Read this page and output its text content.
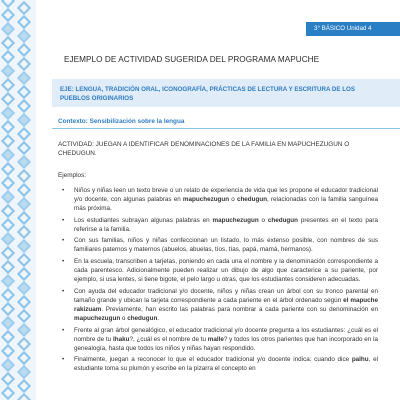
3° BÁSICO Unidad 4
EJEMPLO DE ACTIVIDAD SUGERIDA DEL PROGRAMA MAPUCHE
EJE: LENGUA, TRADICIÓN ORAL, ICONOGRAFÍA, PRÁCTICAS DE LECTURA Y ESCRITURA DE LOS
PUEBLOS ORIGINARIOS
Contexto: Sensibilización sobre la lengua
ACTIVIDAD: JUEGAN A IDENTIFICAR DENOMINACIONES DE LA FAMILIA EN MAPUCHEZUGUN O CHEDUGUN.
Ejemplos:
• Niños y niñas leen un texto breve o un relato de experiencia de vida que les propone el educador tradicional y/o docente, con algunas palabras en mapuchezugun o chedugun, relacionadas con la familia sanguínea más próxima.
• Los estudiantes subrayan algunas palabras en mapuchezugun o chedugun presentes en el texto para referirse a la familia.
• Con sus familias, niños y niñas confeccionan un listado, lo más extenso posible, con nombres de sus familiares paternos y maternos (abuelos, abuelas, tíos, tías, papá, mamá, hermanos).
• En la escuela, transcriben a tarjetas, poniendo en cada una el nombre y la denominación correspondiente a cada parentesco. Adicionalmente pueden realizar un dibujo de algo que caracterice a su pariente, por ejemplo, si usa lentes, si tiene bigote, el pelo largo u otras, que los estudiantes consideren adecuadas.
• Con ayuda del educador tradicional y/o docente, niños y niñas crean un árbol con su tronco parental en tamaño grande y ubican la tarjeta correspondiente a cada pariente en el árbol ordenado según el mapuche rakizuam. Previamente, han escrito las palabras para nombrar a cada pariente con su denominación en mapuchezugun o chedugun.
• Frente al gran árbol genealógico, el educador tradicional y/o docente pregunta a los estudiantes: ¿cuál es el nombre de tu lhaku?, ¿cuál es el nombre de tu malle? y todos los otros parientes que han incorporado en la genealogía, hasta que todos los niños y niñas hayan respondido.
• Finalmente, juegan a reconocer lo que el educador tradicional y/o docente indica: cuando dice palhu, el estudiante toma su plumón y escribe en la pizarra el concepto en
